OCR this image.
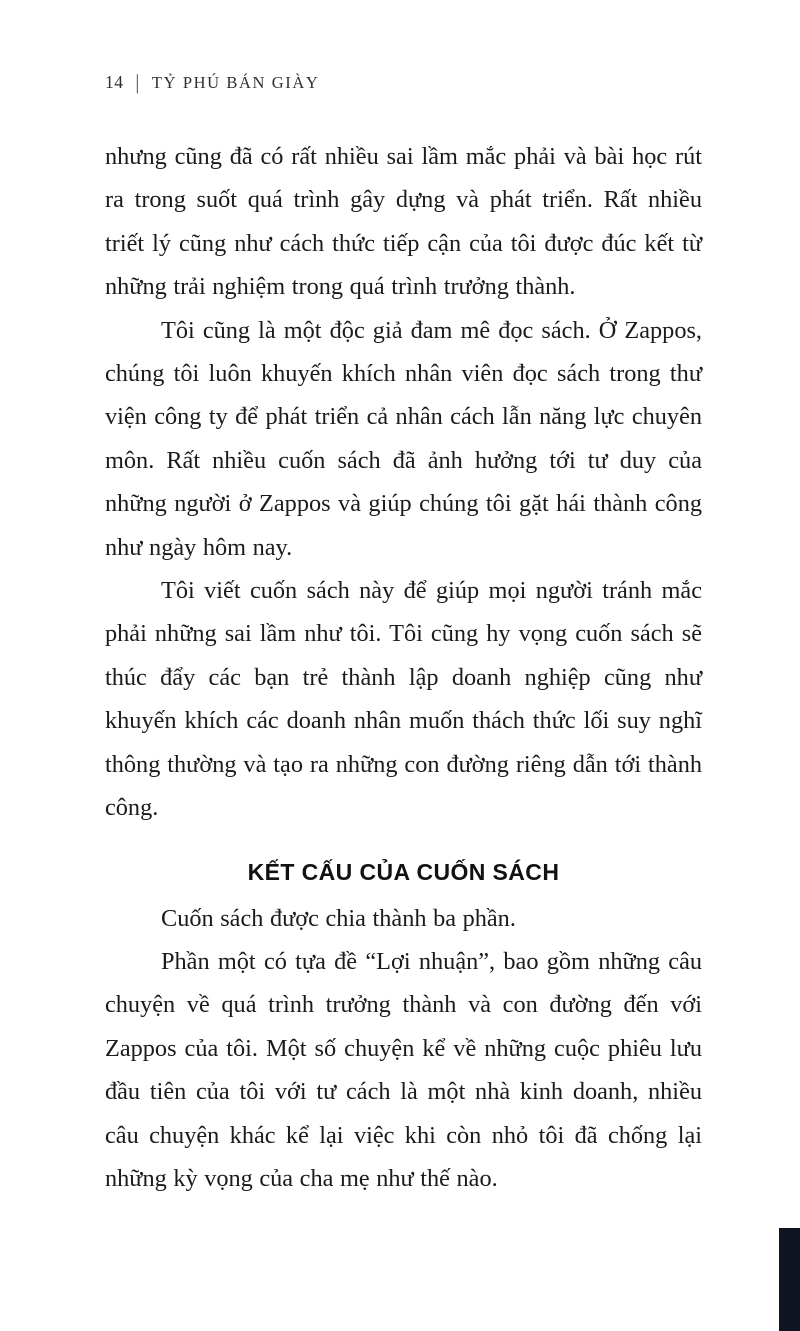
14 | TỶ PHÚ BÁN GIÀY

nhưng cũng đã có rất nhiều sai lầm mắc phải và bài học rút ra trong suốt quá trình gây dựng và phát triển. Rất nhiều triết lý cũng như cách thức tiếp cận của tôi được đúc kết từ những trải nghiệm trong quá trình trưởng thành.

Tôi cũng là một độc giả đam mê đọc sách. Ở Zappos, chúng tôi luôn khuyến khích nhân viên đọc sách trong thư viện công ty để phát triển cả nhân cách lẫn năng lực chuyên môn. Rất nhiều cuốn sách đã ảnh hưởng tới tư duy của những người ở Zappos và giúp chúng tôi gặt hái thành công như ngày hôm nay.

Tôi viết cuốn sách này để giúp mọi người tránh mắc phải những sai lầm như tôi. Tôi cũng hy vọng cuốn sách sẽ thúc đẩy các bạn trẻ thành lập doanh nghiệp cũng như khuyến khích các doanh nhân muốn thách thức lối suy nghĩ thông thường và tạo ra những con đường riêng dẫn tới thành công.

KẾT CẤU CỦA CUỐN SÁCH

Cuốn sách được chia thành ba phần.

Phần một có tựa đề “Lợi nhuận”, bao gồm những câu chuyện về quá trình trưởng thành và con đường đến với Zappos của tôi. Một số chuyện kể về những cuộc phiêu lưu đầu tiên của tôi với tư cách là một nhà kinh doanh, nhiều câu chuyện khác kể lại việc khi còn nhỏ tôi đã chống lại những kỳ vọng của cha mẹ như thế nào.
